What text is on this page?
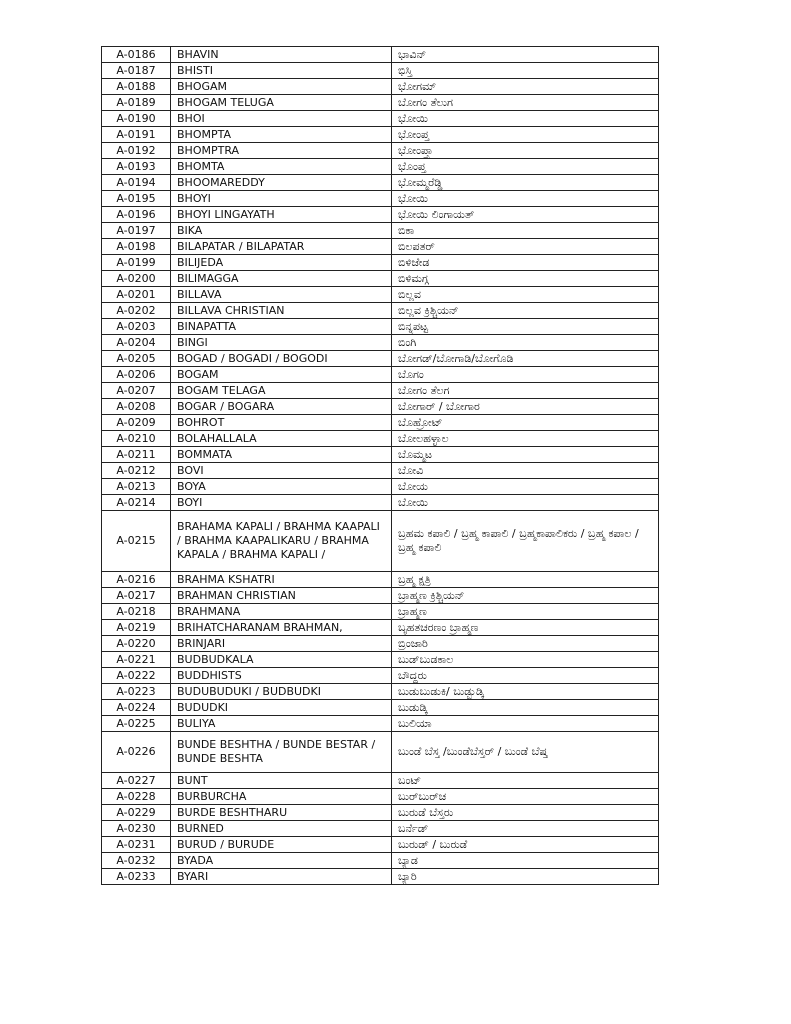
A-0186	BHAVIN	ಭಾವಿನ್
A-0187	BHISTI	ಭಿಸ್ತಿ
A-0188	BHOGAM	ಭೋಗಮ್
A-0189	BHOGAM TELUGA	ಬೋಗಂ ತೆಲುಗ
A-0190	BHOI	ಭೋಯಿ
A-0191	BHOMPTA	ಭೋಂಪ್ತ
A-0192	BHOMPTRA	ಭೋಂಪ್ತ್ರಾ
A-0193	BHOMTA	ಭೊಂಪ್ತ
A-0194	BHOOMAREDDY	ಭೋಮ್ಮರೆಡ್ಡಿ
A-0195	BHOYI	ಭೋಯಿ
A-0196	BHOYI LINGAYATH	ಭೋಯಿ ಲಿಂಗಾಯತ್
A-0197	BIKA	ಬಿಕಾ
A-0198	BILAPATAR / BILAPATAR	ಬಿಲಪತರ್
A-0199	BILIJEDA	ಬಿಳಿಜೇಡ
A-0200	BILIMAGGA	ಬಿಳಿಮಗ್ಗ
A-0201	BILLAVA	ಬಿಲ್ಲವ
A-0202	BILLAVA CHRISTIAN	ಬಿಲ್ಲವ ಕ್ರಿಶ್ಚಿಯನ್
A-0203	BINAPATTA	ಬಿನ್ನಪಟ್ಟ
A-0204	BINGI	ಬಿಂಗಿ
A-0205	BOGAD / BOGADI / BOGODI	ಬೋಗಡ್/ಬೋಗಾಡಿ/ಬೋಗೊಡಿ
A-0206	BOGAM	ಬೊಗಂ
A-0207	BOGAM TELAGA	ಬೋಗಂ ತೆಲಗ
A-0208	BOGAR / BOGARA	ಬೋಗಾರ್ / ಬೋಗಾರ
A-0209	BOHROT	ಬೊಹ್ರೋಟ್
A-0210	BOLAHALLALA	ಬೋಲಹಳ್ಳಾಲ
A-0211	BOMMATA	ಬೊಮ್ಮಟ
A-0212	BOVI	ಬೋವಿ
A-0213	BOYA	ಬೋಯ
A-0214	BOYI	ಬೋಯಿ
A-0215	BRAHAMA KAPALI / BRAHMA KAAPALI / BRAHMA KAAPALIKARU / BRAHMA KAPALA / BRAHMA KAPALI /	ಬ್ರಹಮ ಕಪಾಲಿ / ಬ್ರಹ್ಮ ಕಾಪಾಲಿ / ಬ್ರಹ್ಮಕಾಪಾಲಿಕರು / ಬ್ರಹ್ಮ ಕಪಾಲ / ಬ್ರಹ್ಮ ಕಪಾಲಿ
A-0216	BRAHMA KSHATRI	ಬ್ರಹ್ಮ ಕ್ಷತ್ರಿ
A-0217	BRAHMAN CHRISTIAN	ಬ್ರಾಹ್ಮಣ ಕ್ರಿಶ್ಚಿಯನ್
A-0218	BRAHMANA	ಬ್ರಾಹ್ಮಣ
A-0219	BRIHATCHARANAM BRAHMAN,	ಬೃಹತಚರಣಂ ಬ್ರಾಹ್ಮಣ
A-0220	BRINJARI	ಬ್ರಿಂಜಾರಿ
A-0221	BUDBUDKALA	ಬುಡ್‌ಬುಡಕಾಲ
A-0222	BUDDHISTS	ಬೌದ್ಧರು
A-0223	BUDUBUDUKI / BUDBUDKI	ಬುಡುಬುಡುಕಿ/ ಬುಡ್ಬುಡ್ಕಿ
A-0224	BUDUDKI	ಬುಡುಡ್ಕಿ
A-0225	BULIYA	ಬುಲಿಯಾ
A-0226	BUNDE BESHTHA / BUNDE BESTAR / BUNDE BESHTA	ಬುಂಡೆ ಬೆಸ್ತ /ಬುಂಡೆಬೆಸ್ತರ್ / ಬುಂಡೆ ಬೆಷ್ತ
A-0227	BUNT	ಬಂಟ್
A-0228	BURBURCHA	ಬುರ್‌ಬುರ್‌ಚ
A-0229	BURDE BESHTHARU	ಬುರುಡೆ ಬೆಸ್ತರು
A-0230	BURNED	ಬರ್ನೆಡ್
A-0231	BURUD / BURUDE	ಬುರುಡ್ / ಬುರುಡೆ
A-0232	BYADA	ಬ್ಯಾಡ
A-0233	BYARI	ಬ್ಯಾರಿ
